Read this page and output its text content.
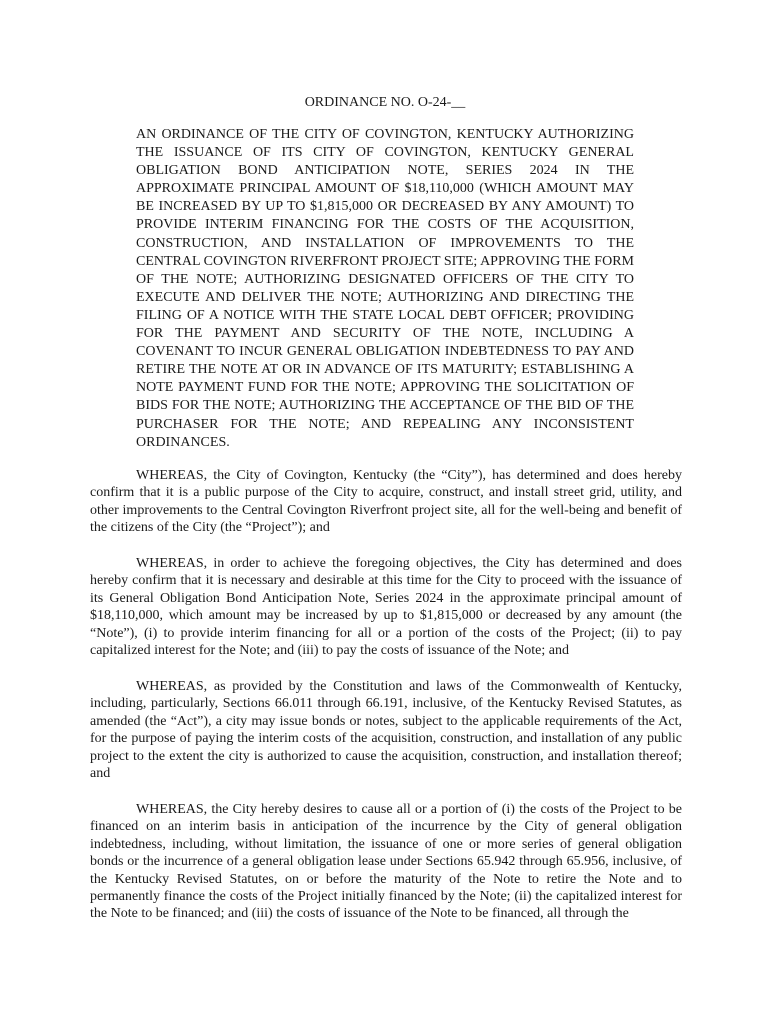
ORDINANCE NO. O-24-__
AN ORDINANCE OF THE CITY OF COVINGTON, KENTUCKY AUTHORIZING THE ISSUANCE OF ITS CITY OF COVINGTON, KENTUCKY GENERAL OBLIGATION BOND ANTICIPATION NOTE, SERIES 2024 IN THE APPROXIMATE PRINCIPAL AMOUNT OF $18,110,000 (WHICH AMOUNT MAY BE INCREASED BY UP TO $1,815,000 OR DECREASED BY ANY AMOUNT) TO PROVIDE INTERIM FINANCING FOR THE COSTS OF THE ACQUISITION, CONSTRUCTION, AND INSTALLATION OF IMPROVEMENTS TO THE CENTRAL COVINGTON RIVERFRONT PROJECT SITE; APPROVING THE FORM OF THE NOTE; AUTHORIZING DESIGNATED OFFICERS OF THE CITY TO EXECUTE AND DELIVER THE NOTE; AUTHORIZING AND DIRECTING THE FILING OF A NOTICE WITH THE STATE LOCAL DEBT OFFICER; PROVIDING FOR THE PAYMENT AND SECURITY OF THE NOTE, INCLUDING A COVENANT TO INCUR GENERAL OBLIGATION INDEBTEDNESS TO PAY AND RETIRE THE NOTE AT OR IN ADVANCE OF ITS MATURITY; ESTABLISHING A NOTE PAYMENT FUND FOR THE NOTE; APPROVING THE SOLICITATION OF BIDS FOR THE NOTE; AUTHORIZING THE ACCEPTANCE OF THE BID OF THE PURCHASER FOR THE NOTE; AND REPEALING ANY INCONSISTENT ORDINANCES.

WHEREAS, the City of Covington, Kentucky (the “City”), has determined and does hereby confirm that it is a public purpose of the City to acquire, construct, and install street grid, utility, and other improvements to the Central Covington Riverfront project site, all for the well-being and benefit of the citizens of the City (the “Project”); and

WHEREAS, in order to achieve the foregoing objectives, the City has determined and does hereby confirm that it is necessary and desirable at this time for the City to proceed with the issuance of its General Obligation Bond Anticipation Note, Series 2024 in the approximate principal amount of $18,110,000, which amount may be increased by up to $1,815,000 or decreased by any amount (the “Note”), (i) to provide interim financing for all or a portion of the costs of the Project; (ii) to pay capitalized interest for the Note; and (iii) to pay the costs of issuance of the Note; and

WHEREAS, as provided by the Constitution and laws of the Commonwealth of Kentucky, including, particularly, Sections 66.011 through 66.191, inclusive, of the Kentucky Revised Statutes, as amended (the “Act”), a city may issue bonds or notes, subject to the applicable requirements of the Act, for the purpose of paying the interim costs of the acquisition, construction, and installation of any public project to the extent the city is authorized to cause the acquisition, construction, and installation thereof; and

WHEREAS, the City hereby desires to cause all or a portion of (i) the costs of the Project to be financed on an interim basis in anticipation of the incurrence by the City of general obligation indebtedness, including, without limitation, the issuance of one or more series of general obligation bonds or the incurrence of a general obligation lease under Sections 65.942 through 65.956, inclusive, of the Kentucky Revised Statutes, on or before the maturity of the Note to retire the Note and to permanently finance the costs of the Project initially financed by the Note; (ii) the capitalized interest for the Note to be financed; and (iii) the costs of issuance of the Note to be financed, all through the
